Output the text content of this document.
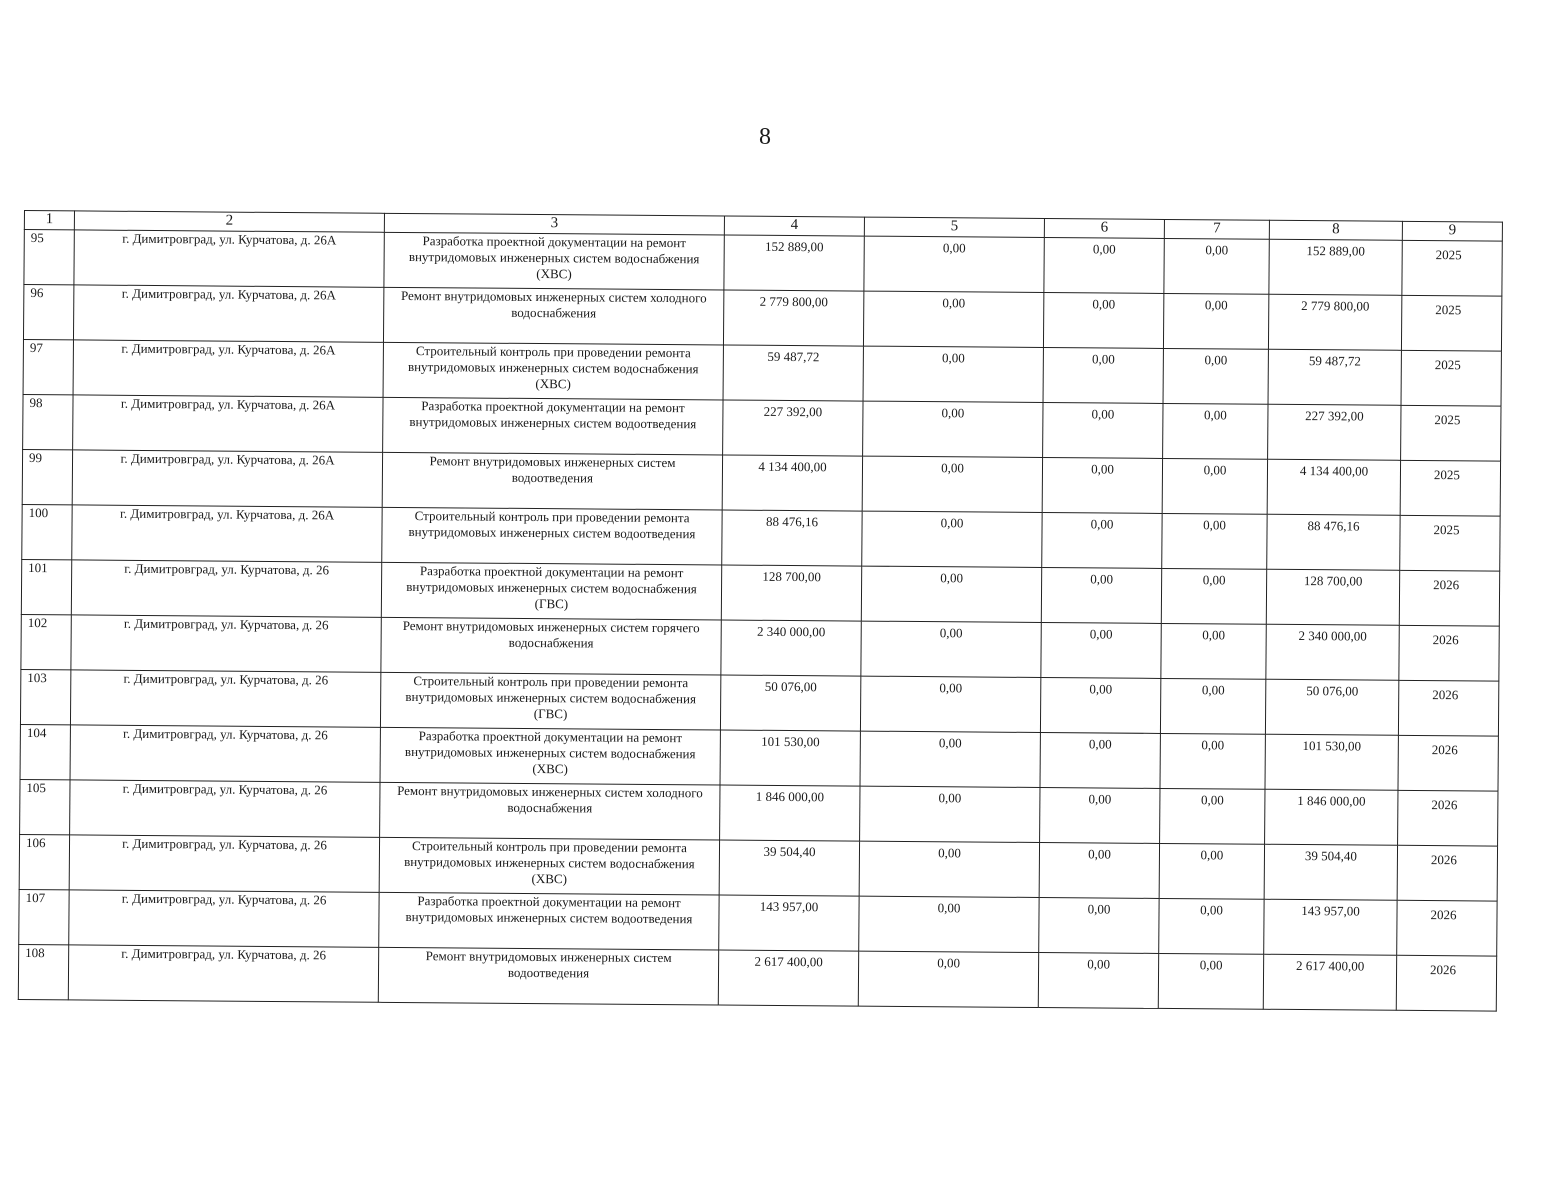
8
1	2	3	4	5	6	7	8	9
95	г. Димитровград, ул. Курчатова, д. 26А	Разработка проектной документации на ремонт внутридомовых инженерных систем водоснабжения (ХВС)	152 889,00	0,00	0,00	0,00	152 889,00	2025
96	г. Димитровград, ул. Курчатова, д. 26А	Ремонт внутридомовых инженерных систем холодного водоснабжения	2 779 800,00	0,00	0,00	0,00	2 779 800,00	2025
97	г. Димитровград, ул. Курчатова, д. 26А	Строительный контроль при проведении ремонта внутридомовых инженерных систем водоснабжения (ХВС)	59 487,72	0,00	0,00	0,00	59 487,72	2025
98	г. Димитровград, ул. Курчатова, д. 26А	Разработка проектной документации на ремонт внутридомовых инженерных систем водоотведения	227 392,00	0,00	0,00	0,00	227 392,00	2025
99	г. Димитровград, ул. Курчатова, д. 26А	Ремонт внутридомовых инженерных систем водоотведения	4 134 400,00	0,00	0,00	0,00	4 134 400,00	2025
100	г. Димитровград, ул. Курчатова, д. 26А	Строительный контроль при проведении ремонта внутридомовых инженерных систем водоотведения	88 476,16	0,00	0,00	0,00	88 476,16	2025
101	г. Димитровград, ул. Курчатова, д. 26	Разработка проектной документации на ремонт внутридомовых инженерных систем водоснабжения (ГВС)	128 700,00	0,00	0,00	0,00	128 700,00	2026
102	г. Димитровград, ул. Курчатова, д. 26	Ремонт внутридомовых инженерных систем горячего водоснабжения	2 340 000,00	0,00	0,00	0,00	2 340 000,00	2026
103	г. Димитровград, ул. Курчатова, д. 26	Строительный контроль при проведении ремонта внутридомовых инженерных систем водоснабжения (ГВС)	50 076,00	0,00	0,00	0,00	50 076,00	2026
104	г. Димитровград, ул. Курчатова, д. 26	Разработка проектной документации на ремонт внутридомовых инженерных систем водоснабжения (ХВС)	101 530,00	0,00	0,00	0,00	101 530,00	2026
105	г. Димитровград, ул. Курчатова, д. 26	Ремонт внутридомовых инженерных систем холодного водоснабжения	1 846 000,00	0,00	0,00	0,00	1 846 000,00	2026
106	г. Димитровград, ул. Курчатова, д. 26	Строительный контроль при проведении ремонта внутридомовых инженерных систем водоснабжения (ХВС)	39 504,40	0,00	0,00	0,00	39 504,40	2026
107	г. Димитровград, ул. Курчатова, д. 26	Разработка проектной документации на ремонт внутридомовых инженерных систем водоотведения	143 957,00	0,00	0,00	0,00	143 957,00	2026
108	г. Димитровград, ул. Курчатова, д. 26	Ремонт внутридомовых инженерных систем водоотведения	2 617 400,00	0,00	0,00	0,00	2 617 400,00	2026
